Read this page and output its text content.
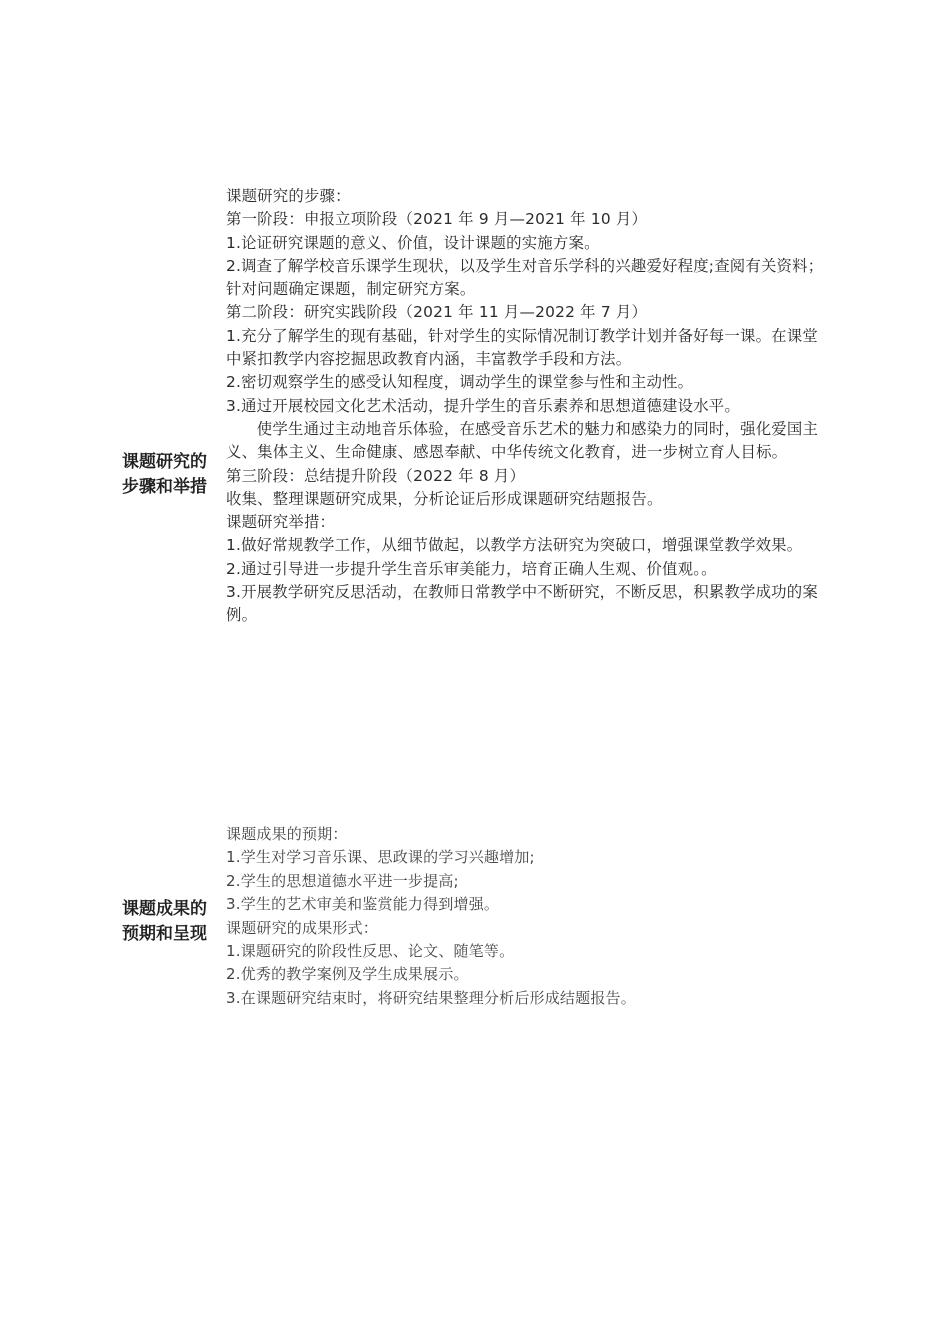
课题研究的
步骤和举措

课题研究的步骤：

第一阶段：申报立项阶段（2021 年 9 月—2021 年 10 月）

1.论证研究课题的意义、价值，设计课题的实施方案。

2.调查了解学校音乐课学生现状，以及学生对音乐学科的兴趣爱好程度;查阅有关资料；针对问题确定课题，制定研究方案。

第二阶段：研究实践阶段（2021 年 11 月—2022 年 7 月）

1.充分了解学生的现有基础，针对学生的实际情况制订教学计划并备好每一课。在课堂中紧扣教学内容挖掘思政教育内涵，丰富教学手段和方法。

2.密切观察学生的感受认知程度，调动学生的课堂参与性和主动性。

3.通过开展校园文化艺术活动，提升学生的音乐素养和思想道德建设水平。

使学生通过主动地音乐体验，在感受音乐艺术的魅力和感染力的同时，强化爱国主义、集体主义、生命健康、感恩奉献、中华传统文化教育，进一步树立育人目标。

第三阶段：总结提升阶段（2022 年 8 月）

收集、整理课题研究成果，分析论证后形成课题研究结题报告。

课题研究举措：

1.做好常规教学工作，从细节做起，以教学方法研究为突破口，增强课堂教学效果。

2.通过引导进一步提升学生音乐审美能力，培育正确人生观、价值观。。

3.开展教学研究反思活动，在教师日常教学中不断研究，不断反思，积累教学成功的案例。

课题成果的
预期和呈现

课题成果的预期：

1.学生对学习音乐课、思政课的学习兴趣增加;

2.学生的思想道德水平进一步提高;

3.学生的艺术审美和鉴赏能力得到增强。

课题研究的成果形式：

1.课题研究的阶段性反思、论文、随笔等。

2.优秀的教学案例及学生成果展示。

3.在课题研究结束时，将研究结果整理分析后形成结题报告。
